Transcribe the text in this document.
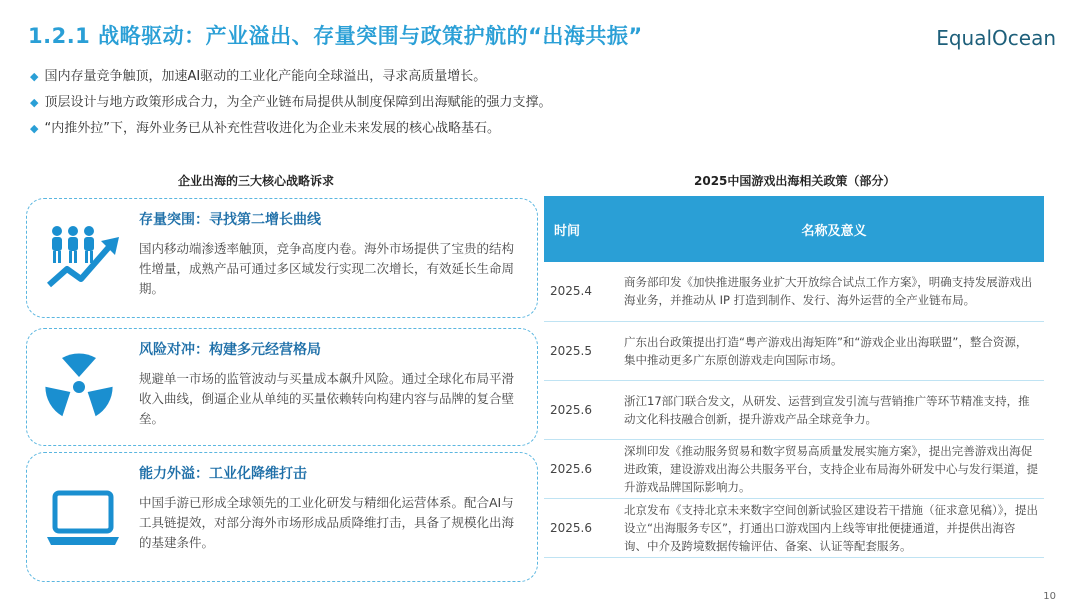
1.2.1 战略驱动：产业溢出、存量突围与政策护航的“出海共振”	EqualOcean
◆ 国内存量竞争触顶，加速AI驱动的工业化产能向全球溢出，寻求高质量增长。
◆ 顶层设计与地方政策形成合力，为全产业链布局提供从制度保障到出海赋能的强力支撑。
◆ “内推外拉”下，海外业务已从补充性营收进化为企业未来发展的核心战略基石。
企业出海的三大核心战略诉求	2025中国游戏出海相关政策（部分）
存量突围：寻找第二增长曲线
国内移动端渗透率触顶，竞争高度内卷。海外市场提供了宝贵的结构性增量，成熟产品可通过多区域发行实现二次增长，有效延长生命周期。
风险对冲：构建多元经营格局
规避单一市场的监管波动与买量成本飙升风险。通过全球化布局平滑收入曲线，倒逼企业从单纯的买量依赖转向构建内容与品牌的复合壁垒。
能力外溢：工业化降维打击
中国手游已形成全球领先的工业化研发与精细化运营体系。配合AI与工具链提效，对部分海外市场形成品质降维打击，具备了规模化出海的基建条件。
时间	名称及意义
2025.4	商务部印发《加快推进服务业扩大开放综合试点工作方案》，明确支持发展游戏出海业务，并推动从 IP 打造到制作、发行、海外运营的全产业链布局。
2025.5	广东出台政策提出打造“粤产游戏出海矩阵”和“游戏企业出海联盟”，整合资源，集中推动更多广东原创游戏走向国际市场。
2025.6	浙江17部门联合发文，从研发、运营到宣发引流与营销推广等环节精准支持，推动文化科技融合创新，提升游戏产品全球竞争力。
2025.6	深圳印发《推动服务贸易和数字贸易高质量发展实施方案》，提出完善游戏出海促进政策，建设游戏出海公共服务平台，支持企业布局海外研发中心与发行渠道，提升游戏品牌国际影响力。
2025.6	北京发布《支持北京未来数字空间创新试验区建设若干措施（征求意见稿）》，提出设立“出海服务专区”，打通出口游戏国内上线等审批便捷通道，并提供出海咨询、中介及跨境数据传输评估、备案、认证等配套服务。
10
